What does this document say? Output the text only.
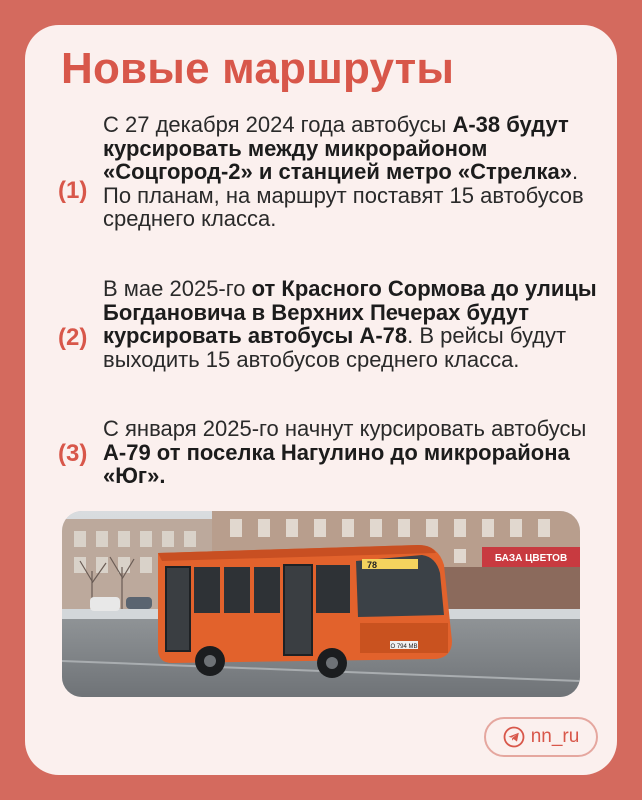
Новые маршруты
(1)
С 27 декабря 2024 года автобусы А-38 будут курсировать между микрорайоном «Соцгород-2» и станцией метро «Стрелка». По планам, на маршрут поставят 15 автобусов среднего класса.
(2)
В мае 2025-го от Красного Сормова до улицы Богдановича в Верхних Печерах будут курсировать автобусы А-78. В рейсы будут выходить 15 автобусов среднего класса.
(3)
С января 2025-го начнут курсировать автобусы А-79 от поселка Нагулино до микрорайона «Юг».
БАЗА ЦВЕТОВ
78
О 794 МВ
nn_ru
